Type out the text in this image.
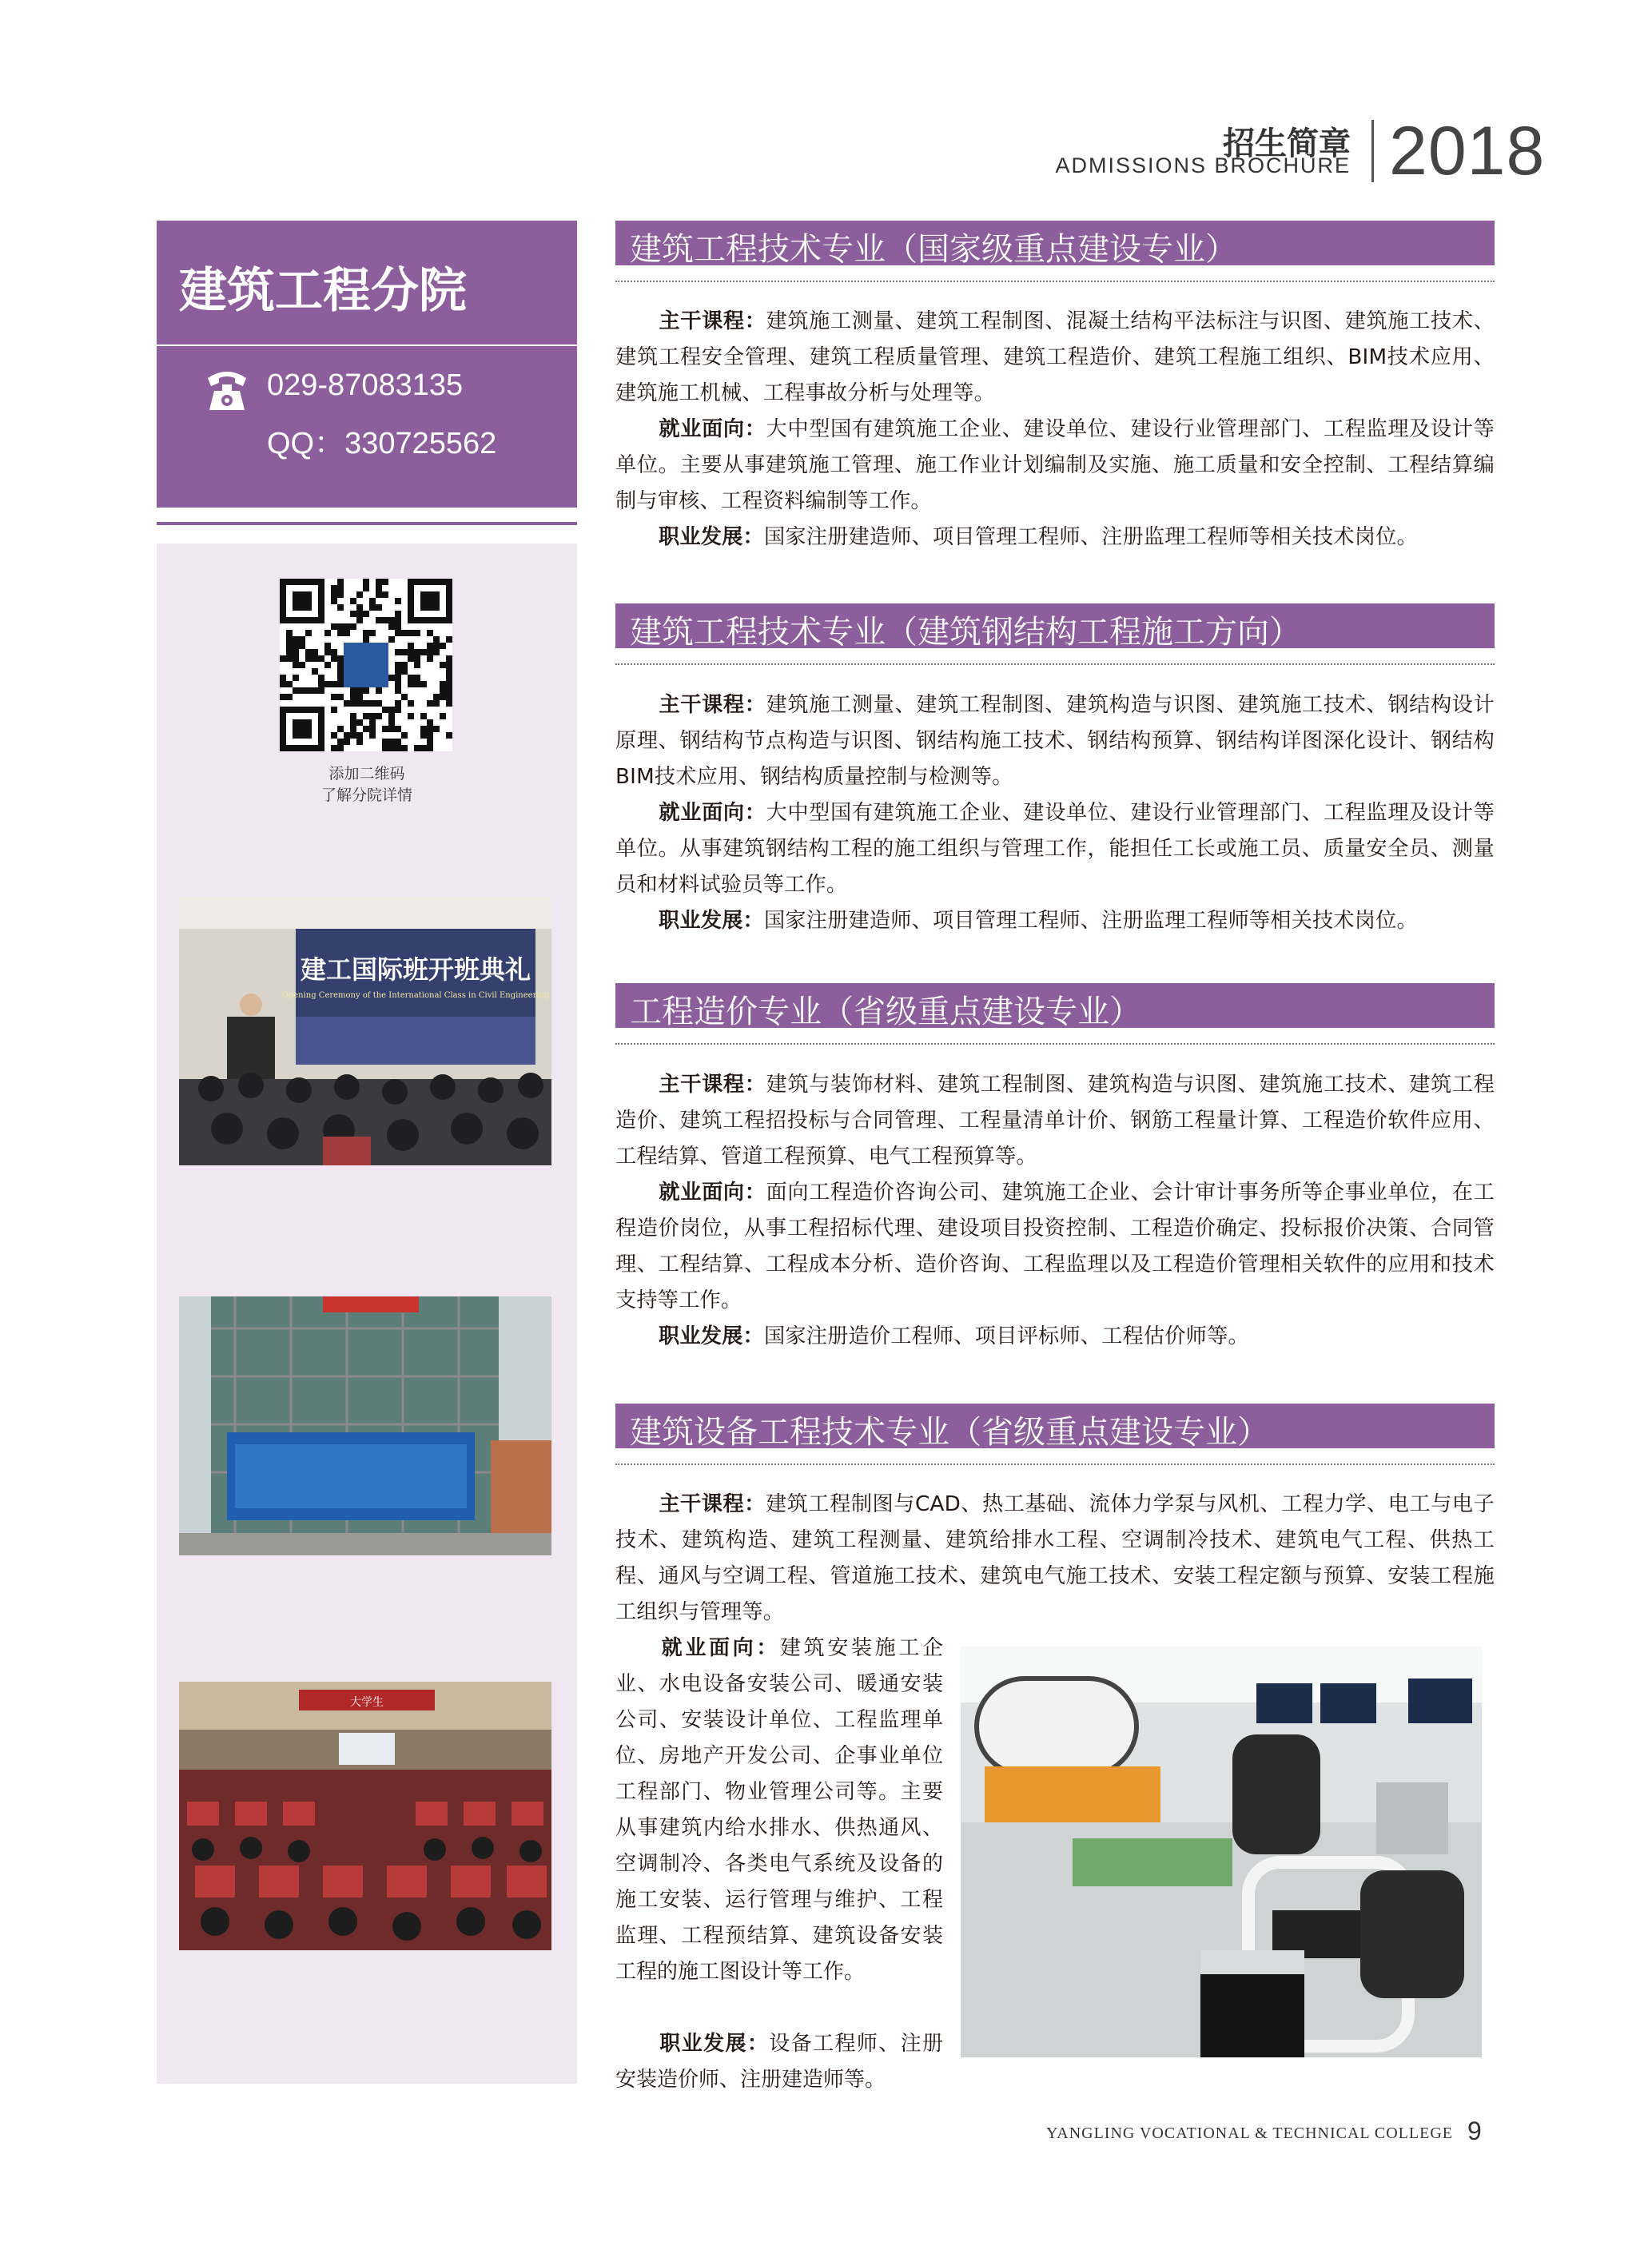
招生简章
ADMISSIONS BROCHURE 2018
建筑工程分院
029-87083135
QQ：330725562
添加二维码
了解分院详情
建工国际班开班典礼
Opening Ceremony of the International Class in Civil Engineering
大学生
建筑工程技术专业（国家级重点建设专业）
主干课程：建筑施工测量、建筑工程制图、混凝土结构平法标注与识图、建筑施工技术、建筑工程安全管理、建筑工程质量管理、建筑工程造价、建筑工程施工组织、BIM技术应用、建筑施工机械、工程事故分析与处理等。
就业面向：大中型国有建筑施工企业、建设单位、建设行业管理部门、工程监理及设计等单位。主要从事建筑施工管理、施工作业计划编制及实施、施工质量和安全控制、工程结算编制与审核、工程资料编制等工作。
职业发展：国家注册建造师、项目管理工程师、注册监理工程师等相关技术岗位。
建筑工程技术专业（建筑钢结构工程施工方向）
主干课程：建筑施工测量、建筑工程制图、建筑构造与识图、建筑施工技术、钢结构设计原理、钢结构节点构造与识图、钢结构施工技术、钢结构预算、钢结构详图深化设计、钢结构BIM技术应用、钢结构质量控制与检测等。
就业面向：大中型国有建筑施工企业、建设单位、建设行业管理部门、工程监理及设计等单位。从事建筑钢结构工程的施工组织与管理工作，能担任工长或施工员、质量安全员、测量员和材料试验员等工作。
职业发展：国家注册建造师、项目管理工程师、注册监理工程师等相关技术岗位。
工程造价专业（省级重点建设专业）
主干课程：建筑与装饰材料、建筑工程制图、建筑构造与识图、建筑施工技术、建筑工程造价、建筑工程招投标与合同管理、工程量清单计价、钢筋工程量计算、工程造价软件应用、工程结算、管道工程预算、电气工程预算等。
就业面向：面向工程造价咨询公司、建筑施工企业、会计审计事务所等企事业单位，在工程造价岗位，从事工程招标代理、建设项目投资控制、工程造价确定、投标报价决策、合同管理、工程结算、工程成本分析、造价咨询、工程监理以及工程造价管理相关软件的应用和技术支持等工作。
职业发展：国家注册造价工程师、项目评标师、工程估价师等。
建筑设备工程技术专业（省级重点建设专业）
主干课程：建筑工程制图与CAD、热工基础、流体力学泵与风机、工程力学、电工与电子技术、建筑构造、建筑工程测量、建筑给排水工程、空调制冷技术、建筑电气工程、供热工程、通风与空调工程、管道施工技术、建筑电气施工技术、安装工程定额与预算、安装工程施工组织与管理等。
就业面向：建筑安装施工企业、水电设备安装公司、暖通安装公司、安装设计单位、工程监理单位、房地产开发公司、企事业单位工程部门、物业管理公司等。主要从事建筑内给水排水、供热通风、空调制冷、各类电气系统及设备的施工安装、运行管理与维护、工程监理、工程预结算、建筑设备安装工程的施工图设计等工作。
职业发展：设备工程师、注册安装造价师、注册建造师等。
YANGLING VOCATIONAL & TECHNICAL COLLEGE 9
